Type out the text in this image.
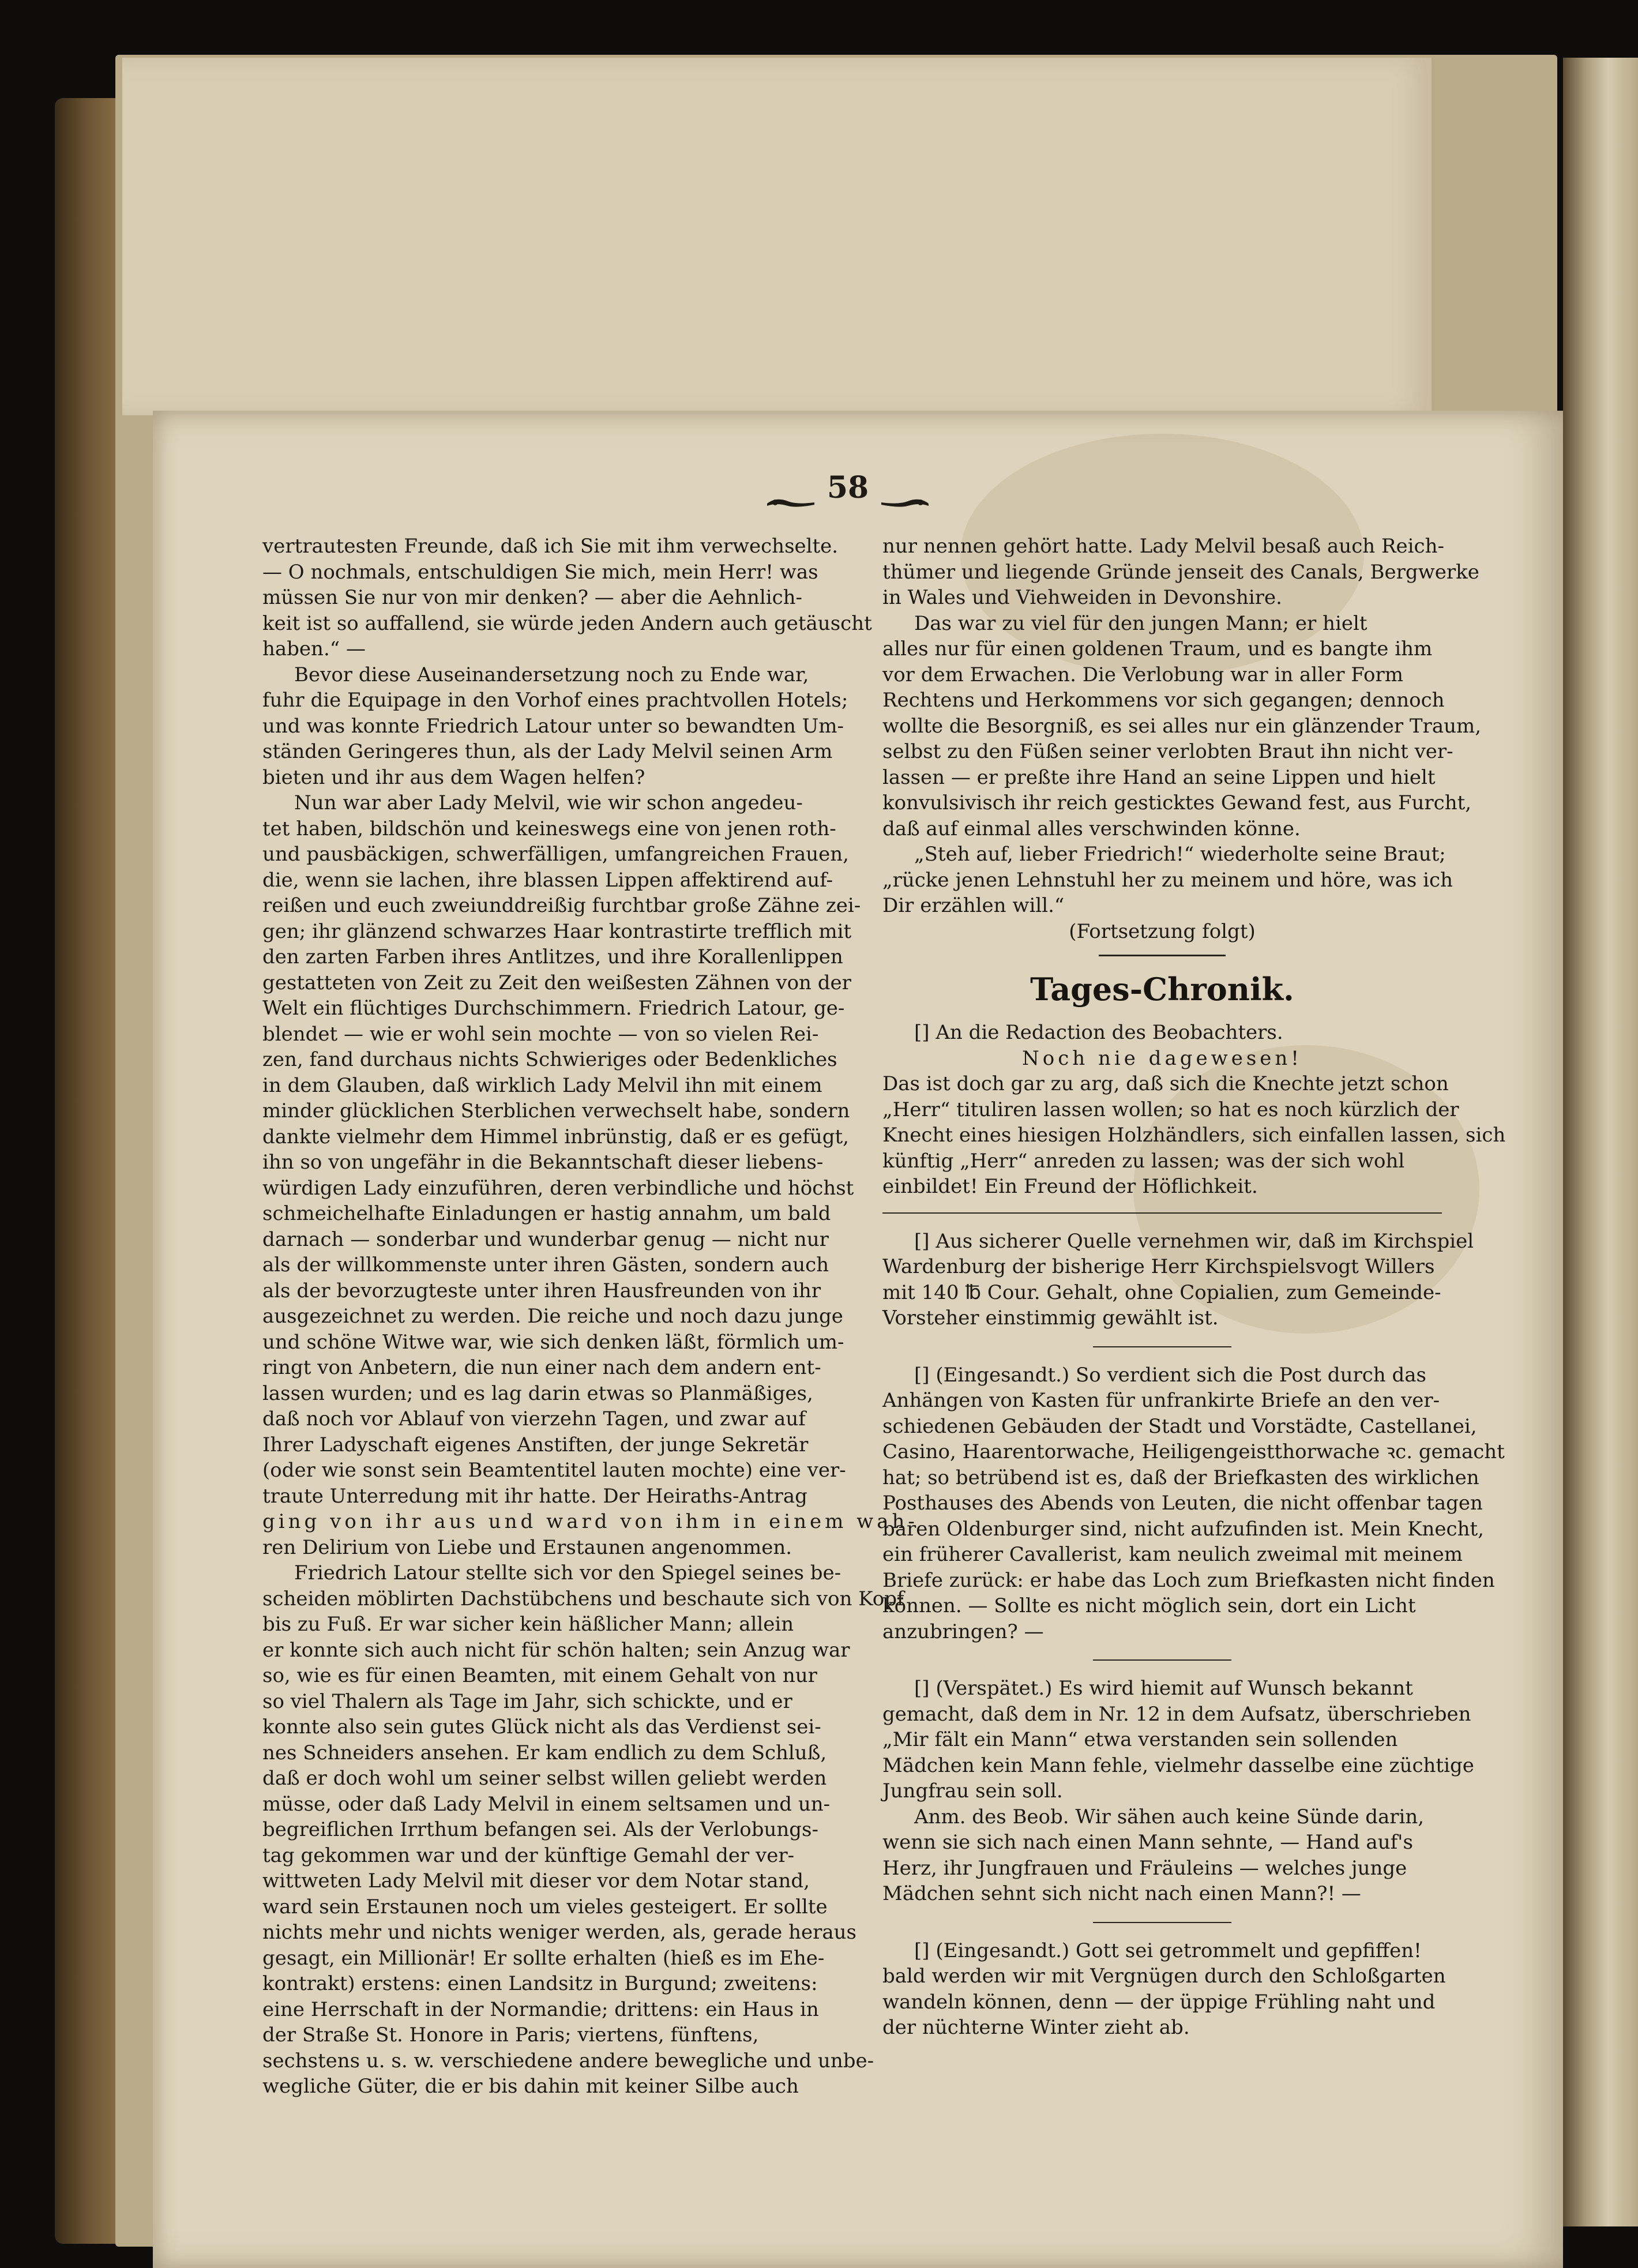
58

vertrautesten Freunde, daß ich Sie mit ihm verwechselte.

— O nochmals, entschuldigen Sie mich, mein Herr! was

müssen Sie nur von mir denken? — aber die Aehnlich-

keit ist so auffallend, sie würde jeden Andern auch getäuscht

haben.“ —

Bevor diese Auseinandersetzung noch zu Ende war,

fuhr die Equipage in den Vorhof eines prachtvollen Hotels;

und was konnte Friedrich Latour unter so bewandten Um-

ständen Geringeres thun, als der Lady Melvil seinen Arm

bieten und ihr aus dem Wagen helfen?

Nun war aber Lady Melvil, wie wir schon angedeu-

tet haben, bildschön und keineswegs eine von jenen roth-

und pausbäckigen, schwerfälligen, umfangreichen Frauen,

die, wenn sie lachen, ihre blassen Lippen affektirend auf-

reißen und euch zweiunddreißig furchtbar große Zähne zei-

gen; ihr glänzend schwarzes Haar kontrastirte trefflich mit

den zarten Farben ihres Antlitzes, und ihre Korallenlippen

gestatteten von Zeit zu Zeit den weißesten Zähnen von der

Welt ein flüchtiges Durchschimmern. Friedrich Latour, ge-

blendet — wie er wohl sein mochte — von so vielen Rei-

zen, fand durchaus nichts Schwieriges oder Bedenkliches

in dem Glauben, daß wirklich Lady Melvil ihn mit einem

minder glücklichen Sterblichen verwechselt habe, sondern

dankte vielmehr dem Himmel inbrünstig, daß er es gefügt,

ihn so von ungefähr in die Bekanntschaft dieser liebens-

würdigen Lady einzuführen, deren verbindliche und höchst

schmeichelhafte Einladungen er hastig annahm, um bald

darnach — sonderbar und wunderbar genug — nicht nur

als der willkommenste unter ihren Gästen, sondern auch

als der bevorzugteste unter ihren Hausfreunden von ihr

ausgezeichnet zu werden. Die reiche und noch dazu junge

und schöne Witwe war, wie sich denken läßt, förmlich um-

ringt von Anbetern, die nun einer nach dem andern ent-

lassen wurden; und es lag darin etwas so Planmäßiges,

daß noch vor Ablauf von vierzehn Tagen, und zwar auf

Ihrer Ladyschaft eigenes Anstiften, der junge Sekretär

(oder wie sonst sein Beamtentitel lauten mochte) eine ver-

traute Unterredung mit ihr hatte. Der Heiraths-Antrag

ging von ihr aus und ward von ihm in einem wah-

ren Delirium von Liebe und Erstaunen angenommen.

Friedrich Latour stellte sich vor den Spiegel seines be-

scheiden möblirten Dachstübchens und beschaute sich von Kopf

bis zu Fuß. Er war sicher kein häßlicher Mann; allein

er konnte sich auch nicht für schön halten; sein Anzug war

so, wie es für einen Beamten, mit einem Gehalt von nur

so viel Thalern als Tage im Jahr, sich schickte, und er

konnte also sein gutes Glück nicht als das Verdienst sei-

nes Schneiders ansehen. Er kam endlich zu dem Schluß,

daß er doch wohl um seiner selbst willen geliebt werden

müsse, oder daß Lady Melvil in einem seltsamen und un-

begreiflichen Irrthum befangen sei. Als der Verlobungs-

tag gekommen war und der künftige Gemahl der ver-

wittweten Lady Melvil mit dieser vor dem Notar stand,

ward sein Erstaunen noch um vieles gesteigert. Er sollte

nichts mehr und nichts weniger werden, als, gerade heraus

gesagt, ein Millionär! Er sollte erhalten (hieß es im Ehe-

kontrakt) erstens: einen Landsitz in Burgund; zweitens:

eine Herrschaft in der Normandie; drittens: ein Haus in

der Straße St. Honore in Paris; viertens, fünftens,

sechstens u. s. w. verschiedene andere bewegliche und unbe-

wegliche Güter, die er bis dahin mit keiner Silbe auch

nur nennen gehört hatte. Lady Melvil besaß auch Reich-

thümer und liegende Gründe jenseit des Canals, Bergwerke

in Wales und Viehweiden in Devonshire.

Das war zu viel für den jungen Mann; er hielt

alles nur für einen goldenen Traum, und es bangte ihm

vor dem Erwachen. Die Verlobung war in aller Form

Rechtens und Herkommens vor sich gegangen; dennoch

wollte die Besorgniß, es sei alles nur ein glänzender Traum,

selbst zu den Füßen seiner verlobten Braut ihn nicht ver-

lassen — er preßte ihre Hand an seine Lippen und hielt

konvulsivisch ihr reich gesticktes Gewand fest, aus Furcht,

daß auf einmal alles verschwinden könne.

„Steh auf, lieber Friedrich!“ wiederholte seine Braut;

„rücke jenen Lehnstuhl her zu meinem und höre, was ich

Dir erzählen will.“

(Fortsetzung folgt)

Tages-Chronik.

[] An die Redaction des Beobachters.

Noch nie dagewesen!

Das ist doch gar zu arg, daß sich die Knechte jetzt schon

„Herr“ tituliren lassen wollen; so hat es noch kürzlich der

Knecht eines hiesigen Holzhändlers, sich einfallen lassen, sich

künftig „Herr“ anreden zu lassen; was der sich wohl

einbildet! Ein Freund der Höflichkeit.

[] Aus sicherer Quelle vernehmen wir, daß im Kirchspiel

Wardenburg der bisherige Herr Kirchspielsvogt Willers

mit 140 ℔ Cour. Gehalt, ohne Copialien, zum Gemeinde-

Vorsteher einstimmig gewählt ist.

[] (Eingesandt.) So verdient sich die Post durch das

Anhängen von Kasten für unfrankirte Briefe an den ver-

schiedenen Gebäuden der Stadt und Vorstädte, Castellanei,

Casino, Haarentorwache, Heiligengeistthorwache ꝛc. gemacht

hat; so betrübend ist es, daß der Briefkasten des wirklichen

Posthauses des Abends von Leuten, die nicht offenbar tagen

baren Oldenburger sind, nicht aufzufinden ist. Mein Knecht,

ein früherer Cavallerist, kam neulich zweimal mit meinem

Briefe zurück: er habe das Loch zum Briefkasten nicht finden

können. — Sollte es nicht möglich sein, dort ein Licht

anzubringen? —

[] (Verspätet.) Es wird hiemit auf Wunsch bekannt

gemacht, daß dem in Nr. 12 in dem Aufsatz, überschrieben

„Mir fält ein Mann“ etwa verstanden sein sollenden

Mädchen kein Mann fehle, vielmehr dasselbe eine züchtige

Jungfrau sein soll.

Anm. des Beob. Wir sähen auch keine Sünde darin,

wenn sie sich nach einen Mann sehnte, — Hand auf's

Herz, ihr Jungfrauen und Fräuleins — welches junge

Mädchen sehnt sich nicht nach einen Mann?! —

[] (Eingesandt.) Gott sei getrommelt und gepfiffen!

bald werden wir mit Vergnügen durch den Schloßgarten

wandeln können, denn — der üppige Frühling naht und

der nüchterne Winter zieht ab.
